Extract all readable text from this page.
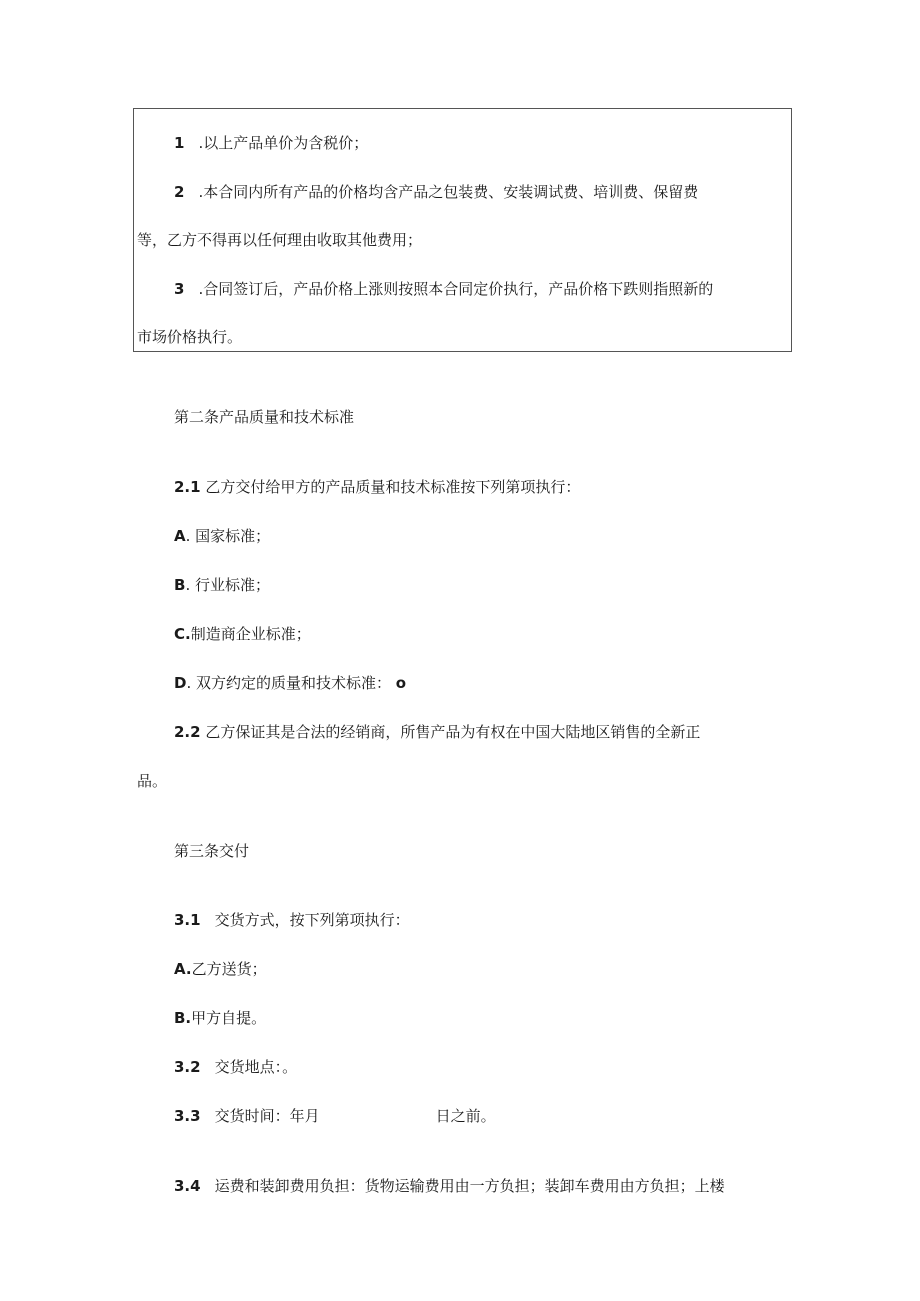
1 .以上产品单价为含税价；
2 .本合同内所有产品的价格均含产品之包装费、安装调试费、培训费、保留费
等，乙方不得再以任何理由收取其他费用；
3 .合同签订后，产品价格上涨则按照本合同定价执行，产品价格下跌则指照新的
市场价格执行。
第二条产品质量和技术标准
2.1 乙方交付给甲方的产品质量和技术标准按下列第项执行：
A. 国家标准；
B. 行业标准；
C.制造商企业标准；
D. 双方约定的质量和技术标准： o
2.2 乙方保证其是合法的经销商，所售产品为有权在中国大陆地区销售的全新正
品。
第三条交付
3.1 交货方式，按下列第项执行：
A.乙方送货；
B.甲方自提。
3.2 交货地点：。
3.3 交货时间：年月	日之前。
3.4 运费和装卸费用负担：货物运输费用由一方负担；装卸车费用由方负担；上楼
